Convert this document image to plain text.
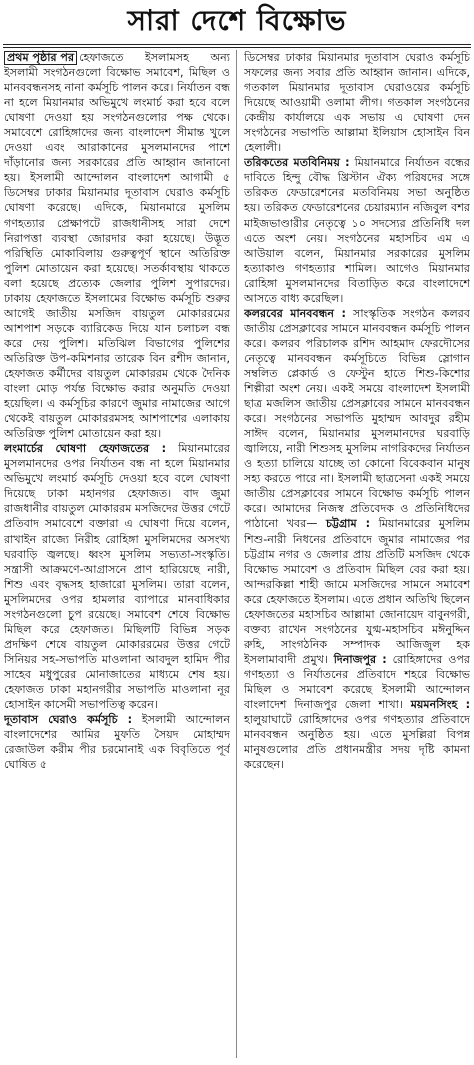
সারা দেশে বিক্ষোভ

প্রথম পৃষ্ঠার পর হেফাজতে ইসলামসহ অন্য ইসলামী সংগঠনগুলো বিক্ষোভ সমাবেশ, মিছিল ও মানববন্ধনসহ নানা কর্মসূচি পালন করে। নির্যাতন বন্ধ না হলে মিয়ানমার অভিমুখে লংমার্চ করা হবে বলে ঘোষণা দেওয়া হয় সংগঠনগুলোর পক্ষ থেকে। সমাবেশে রোহিঙ্গাদের জন্য বাংলাদেশ সীমান্ত খুলে দেওয়া এবং আরাকানের মুসলমানদের পাশে দাঁড়ানোর জন্য সরকারের প্রতি আহ্বান জানানো হয়। ইসলামী আন্দোলন বাংলাদেশ আগামী ৫ ডিসেম্বর ঢাকার মিয়ানমার দূতাবাস ঘেরাও কর্মসূচি ঘোষণা করেছে। এদিকে, মিয়ানমারে মুসলিম গণহত্যার প্রেক্ষাপটে রাজধানীসহ সারা দেশে নিরাপত্তা ব্যবস্থা জোরদার করা হয়েছে। উদ্ভূত পরিস্থিতি মোকাবিলায় গুরুত্বপূর্ণ স্থানে অতিরিক্ত পুলিশ মোতায়েন করা হয়েছে। সতর্কাবস্থায় থাকতে বলা হয়েছে প্রত্যেক জেলার পুলিশ সুপারদের। ঢাকায় হেফাজতে ইসলামের বিক্ষোভ কর্মসূচি শুরুর আগেই জাতীয় মসজিদ বায়তুল মোকাররমের আশপাশ সড়কে ব্যারিকেড দিয়ে যান চলাচল বন্ধ করে দেয় পুলিশ। মতিঝিল বিভাগের পুলিশের অতিরিক্ত উপ-কমিশনার তারেক বিন রশীদ জানান, হেফাজত কর্মীদের বায়তুল মোকাররম থেকে দৈনিক বাংলা মোড় পর্যন্ত বিক্ষোভ করার অনুমতি দেওয়া হয়েছিল। এ কর্মসূচির কারণে জুমার নামাজের আগে থেকেই বায়তুল মোকাররমসহ আশপাশের এলাকায় অতিরিক্ত পুলিশ মোতায়েন করা হয়।

লংমার্চের ঘোষণা হেফাজতের : মিয়ানমারের মুসলমানদের ওপর নির্যাতন বন্ধ না হলে মিয়ানমার অভিমুখে লংমার্চ কর্মসূচি দেওয়া হবে বলে ঘোষণা দিয়েছে ঢাকা মহানগর হেফাজত। বাদ জুমা রাজধানীর বায়তুল মোকাররম মসজিদের উত্তর গেটে প্রতিবাদ সমাবেশে বক্তারা এ ঘোষণা দিয়ে বলেন, রাখাইন রাজ্যে নিরীহ রোহিঙ্গা মুসলিমদের অসংখ্য ঘরবাড়ি জ্বলছে। ধ্বংস মুসলিম সভ্যতা-সংস্কৃতি। সন্ত্রাসী আক্রমণে-আগ্রাসনে প্রাণ হারিয়েছে নারী, শিশু এবং বৃদ্ধসহ হাজারো মুসলিম। তারা বলেন, মুসলিমদের ওপর হামলার ব্যাপারে মানবাধিকার সংগঠনগুলো চুপ রয়েছে। সমাবেশ শেষে বিক্ষোভ মিছিল করে হেফাজত। মিছিলটি বিভিন্ন সড়ক প্রদক্ষিণ শেষে বায়তুল মোকাররমের উত্তর গেটে সিনিয়র সহ-সভাপতি মাওলানা আবদুল হামিদ পীর সাহেব মধুপুরের মোনাজাতের মাধ্যমে শেষ হয়। হেফাজত ঢাকা মহানগরীর সভাপতি মাওলানা নূর হোসাইন কাসেমী সভাপতিত্ব করেন।

দূতাবাস ঘেরাও কর্মসূচি : ইসলামী আন্দোলন বাংলাদেশের আমির মুফতি সৈয়দ মোহাম্মদ রেজাউল করীম পীর চরমোনাই এক বিবৃতিতে পূর্ব ঘোষিত ৫

ডিসেম্বর ঢাকার মিয়ানমার দূতাবাস ঘেরাও কর্মসূচি সফলের জন্য সবার প্রতি আহ্বান জানান। এদিকে, গতকাল মিয়ানমার দূতাবাস ঘেরাওয়ের কর্মসূচি দিয়েছে আওয়ামী ওলামা লীগ। গতকাল সংগঠনের কেন্দ্রীয় কার্যালয়ে এক সভায় এ ঘোষণা দেন সংগঠনের সভাপতি আল্লামা ইলিয়াস হোসাইন বিন হেলালী।

তরিকতের মতবিনিময় : মিয়ানমারে নির্যাতন বন্ধের দাবিতে হিন্দু বৌদ্ধ খ্রিস্টান ঐক্য পরিষদের সঙ্গে তরিকত ফেডারেশনের মতবিনিময় সভা অনুষ্ঠিত হয়। তরিকত ফেডারেশনের চেয়ারম্যান নজিবুল বশর মাইজভাণ্ডারীর নেতৃত্বে ১০ সদস্যের প্রতিনিধি দল এতে অংশ নেয়। সংগঠনের মহাসচিব এম এ আউয়াল বলেন, মিয়ানমার সরকারের মুসলিম হত্যাকাণ্ড গণহত্যার শামিল। আগেও মিয়ানমার রোহিঙ্গা মুসলমানদের বিতাড়িত করে বাংলাদেশে আসতে বাধ্য করেছিল।

কলরবের মানববন্ধন : সাংস্কৃতিক সংগঠন কলরব জাতীয় প্রেসক্লাবের সামনে মানববন্ধন কর্মসূচি পালন করে। কলরব পরিচালক রশিদ আহমাদ ফেরদৌসের নেতৃত্বে মানববন্ধন কর্মসূচিতে বিভিন্ন স্লোগান সম্বলিত প্লেকার্ড ও ফেস্টুন হাতে শিশু-কিশোর শিল্পীরা অংশ নেয়। একই সময়ে বাংলাদেশ ইসলামী ছাত্র মজলিস জাতীয় প্রেসক্লাবের সামনে মানববন্ধন করে। সংগঠনের সভাপতি মুহাম্মদ আবদুর রহীম সাঈদ বলেন, মিয়ানমার মুসলমানদের ঘরবাড়ি জ্বালিয়ে, নারী শিশুসহ মুসলিম নাগরিকদের নির্যাতন ও হত্যা চালিয়ে যাচ্ছে তা কোনো বিবেকবান মানুষ সহ্য করতে পারে না। ইসলামী ছাত্রসেনা একই সময়ে জাতীয় প্রেসক্লাবের সামনে বিক্ষোভ কর্মসূচি পালন করে। আমাদের নিজস্ব প্রতিবেদক ও প্রতিনিধিদের পাঠানো খবর— চট্টগ্রাম : মিয়ানমারের মুসলিম শিশু-নারী নিধনের প্রতিবাদে জুমার নামাজের পর চট্টগ্রাম নগর ও জেলার প্রায় প্রতিটি মসজিদ থেকে বিক্ষোভ সমাবেশ ও প্রতিবাদ মিছিল বের করা হয়। আন্দরকিল্লা শাহী জামে মসজিদের সামনে সমাবেশ করে হেফাজতে ইসলাম। এতে প্রধান অতিথি ছিলেন হেফাজতের মহাসচিব আল্লামা জোনায়েদ বাবুনগরী, বক্তব্য রাখেন সংগঠনের যুগ্ম-মহাসচিব মঈনুদ্দিন রুহি, সাংগঠনিক সম্পাদক আজিজুল হক ইসলামাবাদী প্রমুখ। দিনাজপুর : রোহিঙ্গাদের ওপর গণহত্যা ও নির্যাতনের প্রতিবাদে শহরে বিক্ষোভ মিছিল ও সমাবেশ করেছে ইসলামী আন্দোলন বাংলাদেশ দিনাজপুর জেলা শাখা। ময়মনসিংহ : হালুয়াঘাটে রোহিঙ্গাদের ওপর গণহত্যার প্রতিবাদে মানববন্ধন অনুষ্ঠিত হয়। এতে মুসল্লিরা বিপন্ন মানুষগুলোর প্রতি প্রধানমন্ত্রীর সদয় দৃষ্টি কামনা করেছেন।
